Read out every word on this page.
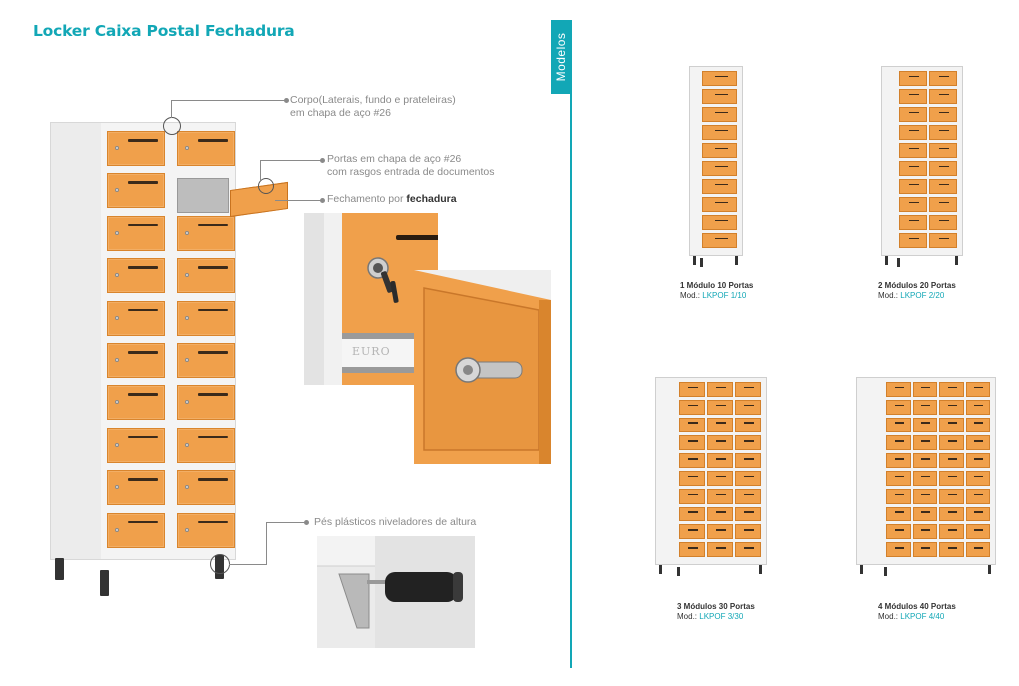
Locker Caixa Postal Fechadura
Modelos
Corpo(Laterais, fundo e prateleiras)
em chapa de aço #26
Portas em chapa de aço #26
com rasgos entrada de documentos
Fechamento por fechadura
Pés plásticos niveladores de altura
EURO
1 Módulo 10 Portas
Mod.: LKPOF 1/10
2 Módulos 20 Portas
Mod.: LKPOF 2/20
3 Módulos 30 Portas
Mod.: LKPOF 3/30
4 Módulos 40 Portas
Mod.: LKPOF 4/40
